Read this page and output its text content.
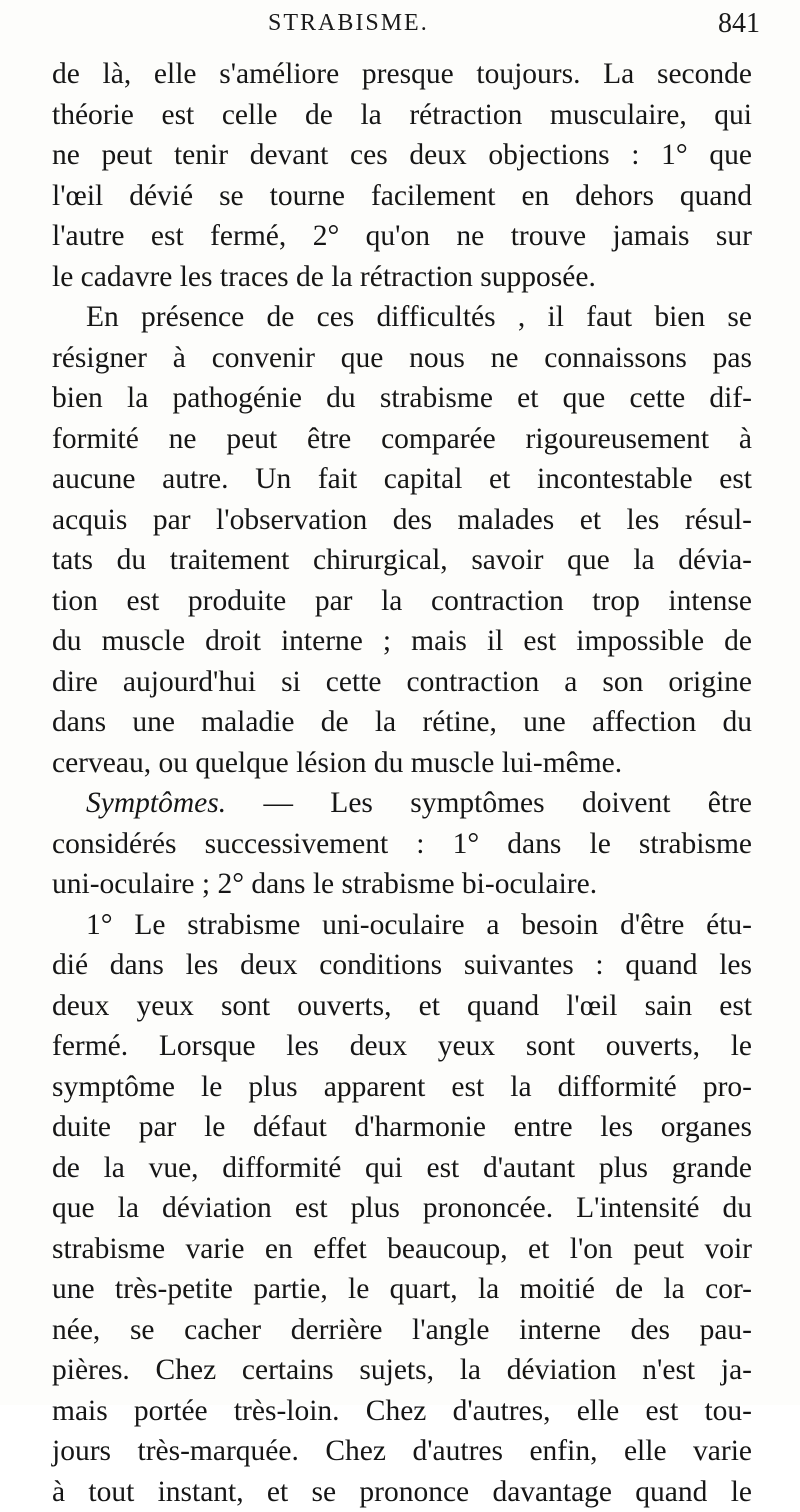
STRABISME.	841
de là, elle s'améliore presque toujours. La seconde
théorie est celle de la rétraction musculaire, qui
ne peut tenir devant ces deux objections : 1° que
l'œil dévié se tourne facilement en dehors quand
l'autre est fermé, 2° qu'on ne trouve jamais sur
le cadavre les traces de la rétraction supposée.
En présence de ces difficultés , il faut bien se
résigner à convenir que nous ne connaissons pas
bien la pathogénie du strabisme et que cette dif-
formité ne peut être comparée rigoureusement à
aucune autre. Un fait capital et incontestable est
acquis par l'observation des malades et les résul-
tats du traitement chirurgical, savoir que la dévia-
tion est produite par la contraction trop intense
du muscle droit interne ; mais il est impossible de
dire aujourd'hui si cette contraction a son origine
dans une maladie de la rétine, une affection du
cerveau, ou quelque lésion du muscle lui-même.
Symptômes. — Les symptômes doivent être
considérés successivement : 1° dans le strabisme
uni-oculaire ; 2° dans le strabisme bi-oculaire.
1° Le strabisme uni-oculaire a besoin d'être étu-
dié dans les deux conditions suivantes : quand les
deux yeux sont ouverts, et quand l'œil sain est
fermé. Lorsque les deux yeux sont ouverts, le
symptôme le plus apparent est la difformité pro-
duite par le défaut d'harmonie entre les organes
de la vue, difformité qui est d'autant plus grande
que la déviation est plus prononcée. L'intensité du
strabisme varie en effet beaucoup, et l'on peut voir
une très-petite partie, le quart, la moitié de la cor-
née, se cacher derrière l'angle interne des pau-
pières. Chez certains sujets, la déviation n'est ja-
mais portée très-loin. Chez d'autres, elle est tou-
jours très-marquée. Chez d'autres enfin, elle varie
à tout instant, et se prononce davantage quand le
